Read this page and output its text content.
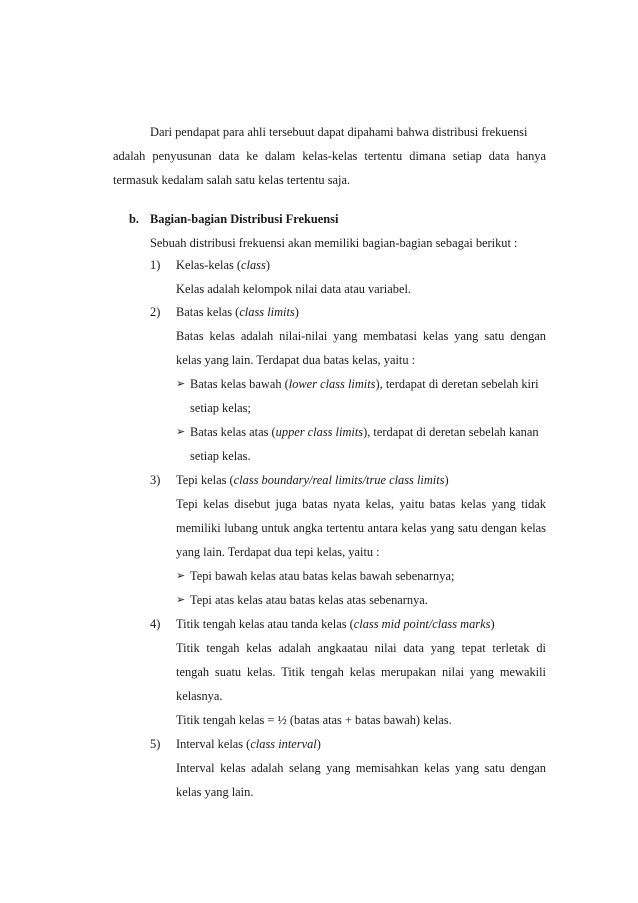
Dari pendapat para ahli tersebuut dapat dipahami bahwa distribusi frekuensi
adalah penyusunan data ke dalam kelas-kelas tertentu dimana setiap data hanya
termasuk kedalam salah satu kelas tertentu saja.
b. Bagian-bagian Distribusi Frekuensi
Sebuah distribusi frekuensi akan memiliki bagian-bagian sebagai berikut :
1) Kelas-kelas (class)
Kelas adalah kelompok nilai data atau variabel.
2) Batas kelas (class limits)
Batas kelas adalah nilai-nilai yang membatasi kelas yang satu dengan
kelas yang lain. Terdapat dua batas kelas, yaitu :
➢ Batas kelas bawah (lower class limits), terdapat di deretan sebelah kiri
setiap kelas;
➢ Batas kelas atas (upper class limits), terdapat di deretan sebelah kanan
setiap kelas.
3) Tepi kelas (class boundary/real limits/true class limits)
Tepi kelas disebut juga batas nyata kelas, yaitu batas kelas yang tidak
memiliki lubang untuk angka tertentu antara kelas yang satu dengan kelas
yang lain. Terdapat dua tepi kelas, yaitu :
➢ Tepi bawah kelas atau batas kelas bawah sebenarnya;
➢ Tepi atas kelas atau batas kelas atas sebenarnya.
4) Titik tengah kelas atau tanda kelas (class mid point/class marks)
Titik tengah kelas adalah angkaatau nilai data yang tepat terletak di
tengah suatu kelas. Titik tengah kelas merupakan nilai yang mewakili
kelasnya.
Titik tengah kelas = ½ (batas atas + batas bawah) kelas.
5) Interval kelas (class interval)
Interval kelas adalah selang yang memisahkan kelas yang satu dengan
kelas yang lain.
